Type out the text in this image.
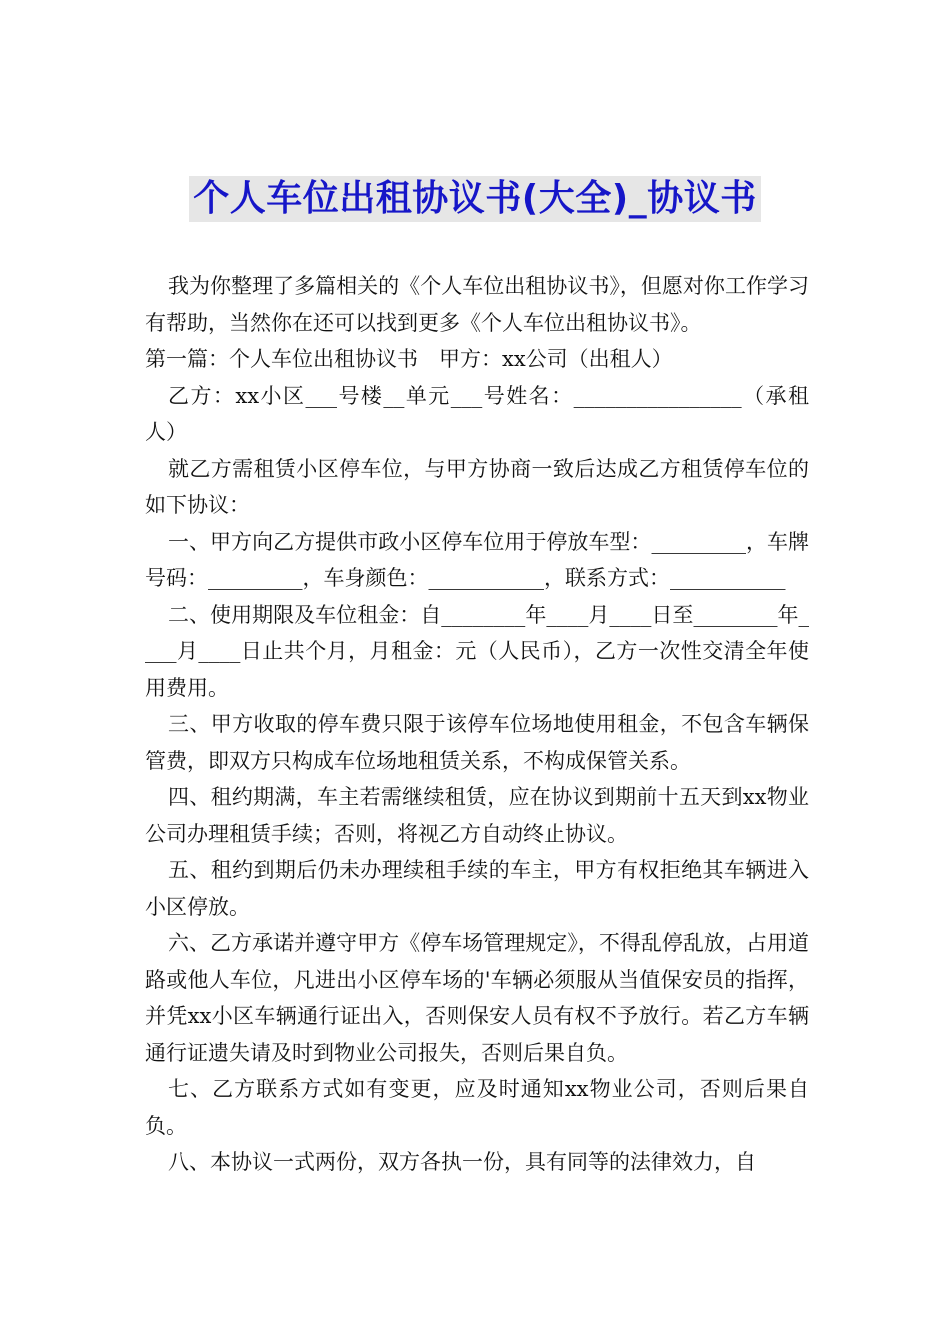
个人车位出租协议书(大全)_协议书

我为你整理了多篇相关的《个人车位出租协议书》，但愿对你工作学习有帮助，当然你在还可以找到更多《个人车位出租协议书》。

第一篇：个人车位出租协议书　甲方：xx公司（出租人）

乙方：xx小区___号楼__单元___号姓名：________________（承租人）

就乙方需租赁小区停车位，与甲方协商一致后达成乙方租赁停车位的如下协议：

一、甲方向乙方提供市政小区停车位用于停放车型：_________，车牌号码：_________，车身颜色：___________，联系方式：___________

二、使用期限及车位租金：自________年____月____日至________年____月____日止共个月，月租金：元（人民币），乙方一次性交清全年使用费用。

三、甲方收取的停车费只限于该停车位场地使用租金，不包含车辆保管费，即双方只构成车位场地租赁关系，不构成保管关系。

四、租约期满，车主若需继续租赁，应在协议到期前十五天到xx物业公司办理租赁手续；否则，将视乙方自动终止协议。

五、租约到期后仍未办理续租手续的车主，甲方有权拒绝其车辆进入小区停放。

六、乙方承诺并遵守甲方《停车场管理规定》，不得乱停乱放，占用道路或他人车位，凡进出小区停车场的'车辆必须服从当值保安员的指挥，并凭xx小区车辆通行证出入，否则保安人员有权不予放行。若乙方车辆通行证遗失请及时到物业公司报失，否则后果自负。

七、乙方联系方式如有变更，应及时通知xx物业公司，否则后果自负。

八、本协议一式两份，双方各执一份，具有同等的法律效力，自
